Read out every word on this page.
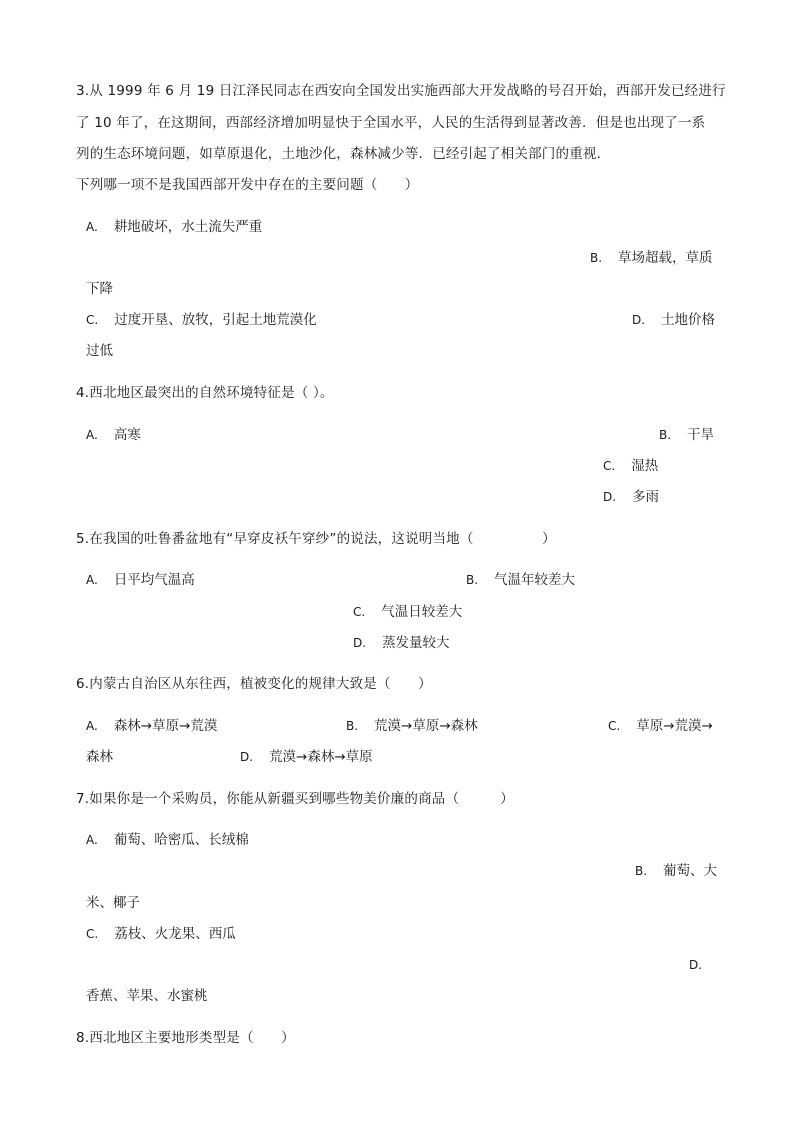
3.从 1999 年 6 月 19 日江泽民同志在西安向全国发出实施西部大开发战略的号召开始，西部开发已经进行
了 10 年了，在这期间，西部经济增加明显快于全国水平，人民的生活得到显著改善．但是也出现了一系
列的生态环境问题，如草原退化，土地沙化，森林减少等．已经引起了相关部门的重视．
下列哪一项不是我国西部开发中存在的主要问题（　　）
A. 耕地破坏，水土流失严重
B. 草场超载，草质
下降
C. 过度开垦、放牧，引起土地荒漠化	D. 土地价格
过低
4.西北地区最突出的自然环境特征是（ ）。
A. 高寒	B. 干旱
C. 湿热
D. 多雨
5.在我国的吐鲁番盆地有“早穿皮袄午穿纱”的说法，这说明当地（　　　　　）
A. 日平均气温高	B. 气温年较差大
C. 气温日较差大
D. 蒸发量较大
6.内蒙古自治区从东往西，植被变化的规律大致是（　　）
A. 森林→草原→荒漠	B. 荒漠→草原→森林	C. 草原→荒漠→
森林	D. 荒漠→森林→草原
7.如果你是一个采购员，你能从新疆买到哪些物美价廉的商品（　　　）
A. 葡萄、哈密瓜、长绒棉
B. 葡萄、大
米、椰子
C. 荔枝、火龙果、西瓜
D.
香蕉、苹果、水蜜桃
8.西北地区主要地形类型是（　　）
